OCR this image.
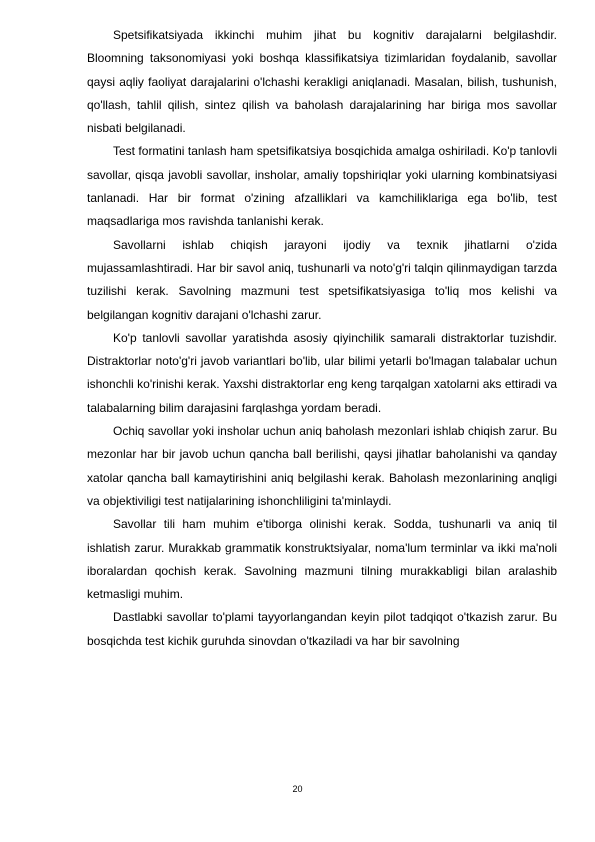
Spetsifikatsiyada ikkinchi muhim jihat bu kognitiv darajalarni belgilashdir. Bloomning taksonomiyasi yoki boshqa klassifikatsiya tizimlaridan foydalanib, savollar qaysi aqliy faoliyat darajalarini o'lchashi kerakligi aniqlanadi. Masalan, bilish, tushunish, qo'llash, tahlil qilish, sintez qilish va baholash darajalarining har biriga mos savollar nisbati belgilanadi.

Test formatini tanlash ham spetsifikatsiya bosqichida amalga oshiriladi. Ko'p tanlovli savollar, qisqa javobli savollar, insholar, amaliy topshiriqlar yoki ularning kombinatsiyasi tanlanadi. Har bir format o'zining afzalliklari va kamchiliklariga ega bo'lib, test maqsadlariga mos ravishda tanlanishi kerak.

Savollarni ishlab chiqish jarayoni ijodiy va texnik jihatlarni o'zida mujassamlashtiradi. Har bir savol aniq, tushunarli va noto'g'ri talqin qilinmaydigan tarzda tuzilishi kerak. Savolning mazmuni test spetsifikatsiyasiga to'liq mos kelishi va belgilangan kognitiv darajani o'lchashi zarur.

Ko'p tanlovli savollar yaratishda asosiy qiyinchilik samarali distraktorlar tuzishdir. Distraktorlar noto'g'ri javob variantlari bo'lib, ular bilimi yetarli bo'lmagan talabalar uchun ishonchli ko'rinishi kerak. Yaxshi distraktorlar eng keng tarqalgan xatolarni aks ettiradi va talabalarning bilim darajasini farqlashga yordam beradi.

Ochiq savollar yoki insholar uchun aniq baholash mezonlari ishlab chiqish zarur. Bu mezonlar har bir javob uchun qancha ball berilishi, qaysi jihatlar baholanishi va qanday xatolar qancha ball kamaytirishini aniq belgilashi kerak. Baholash mezonlarining anqligi va objektiviligi test natijalarining ishonchliligini ta'minlaydi.

Savollar tili ham muhim e'tiborga olinishi kerak. Sodda, tushunarli va aniq til ishlatish zarur. Murakkab grammatik konstruktsiyalar, noma'lum terminlar va ikki ma'noli iboralardan qochish kerak. Savolning mazmuni tilning murakkabligi bilan aralashib ketmasligi muhim.

Dastlabki savollar to'plami tayyorlangandan keyin pilot tadqiqot o'tkazish zarur. Bu bosqichda test kichik guruhda sinovdan o'tkaziladi va har bir savolning

20
